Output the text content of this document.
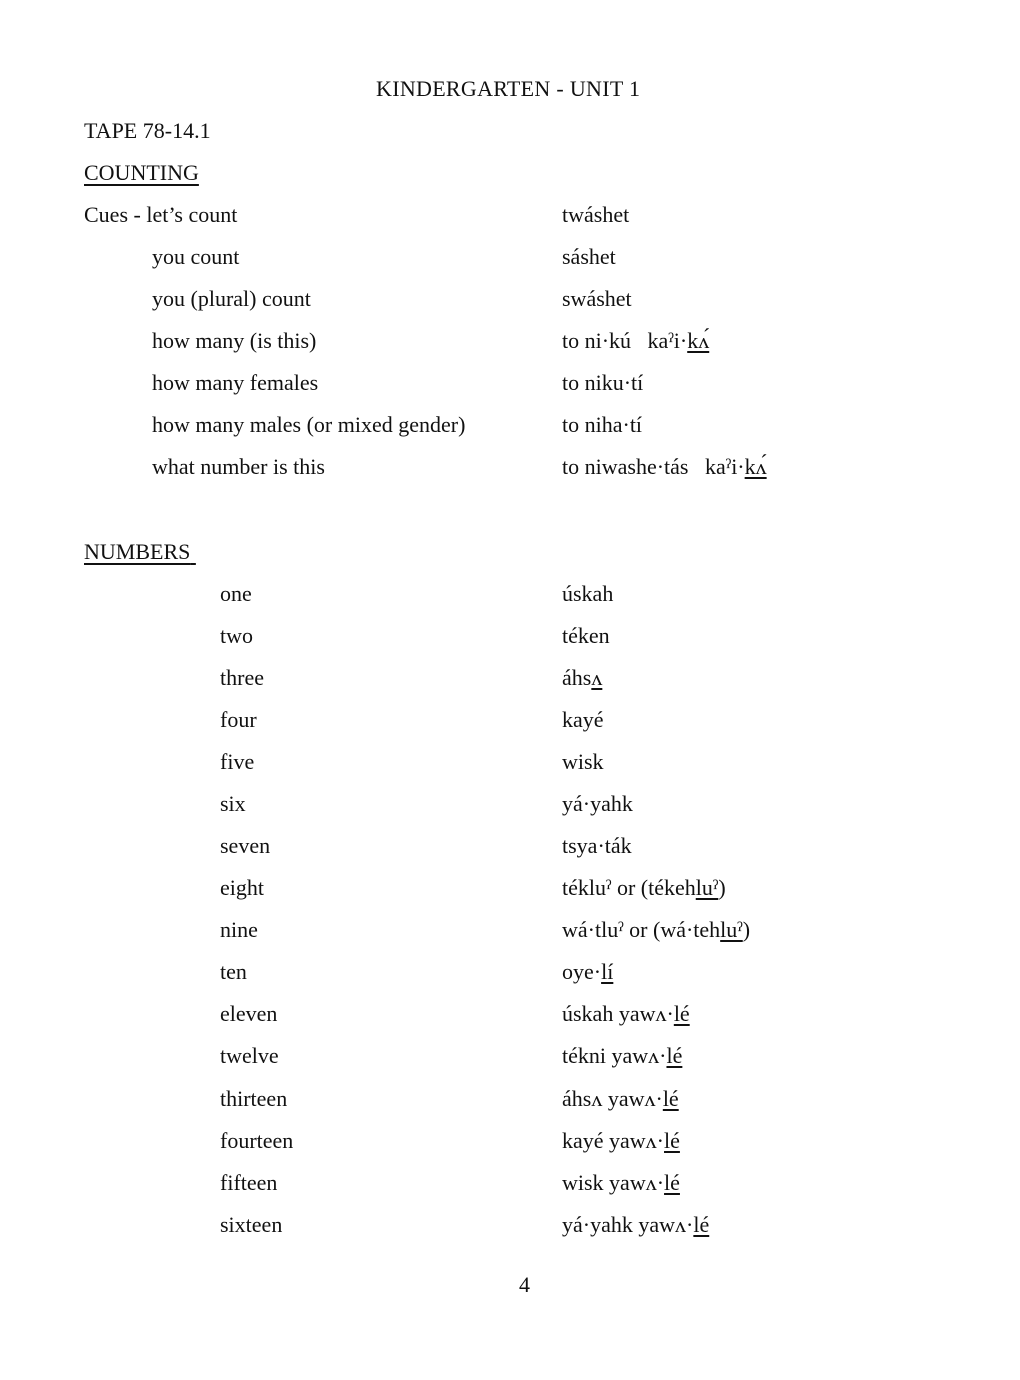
KINDERGARTEN - UNIT 1
TAPE 78-14.1
COUNTING
Cues - let’s count	twáshet
you count	sáshet
you (plural) count	swáshet
how many (is this)	to ni·kú   kaˀi·kʌ́
how many females	to niku·tí
how many males (or mixed gender)	to niha·tí
what number is this	to niwashe·tás   kaˀi·kʌ́
NUMBERS
one	úskah
two	téken
three	áhsʌ
four	kayé
five	wisk
six	yá·yahk
seven	tsya·ták
eight	tékluˀ or (tékehluˀ)
nine	wá·tluˀ or (wá·tehluˀ)
ten	oye·lí
eleven	úskah yawʌ·lé
twelve	tékni yawʌ·lé
thirteen	áhsʌ yawʌ·lé
fourteen	kayé yawʌ·lé
fifteen	wisk yawʌ·lé
sixteen	yá·yahk yawʌ·lé
4
